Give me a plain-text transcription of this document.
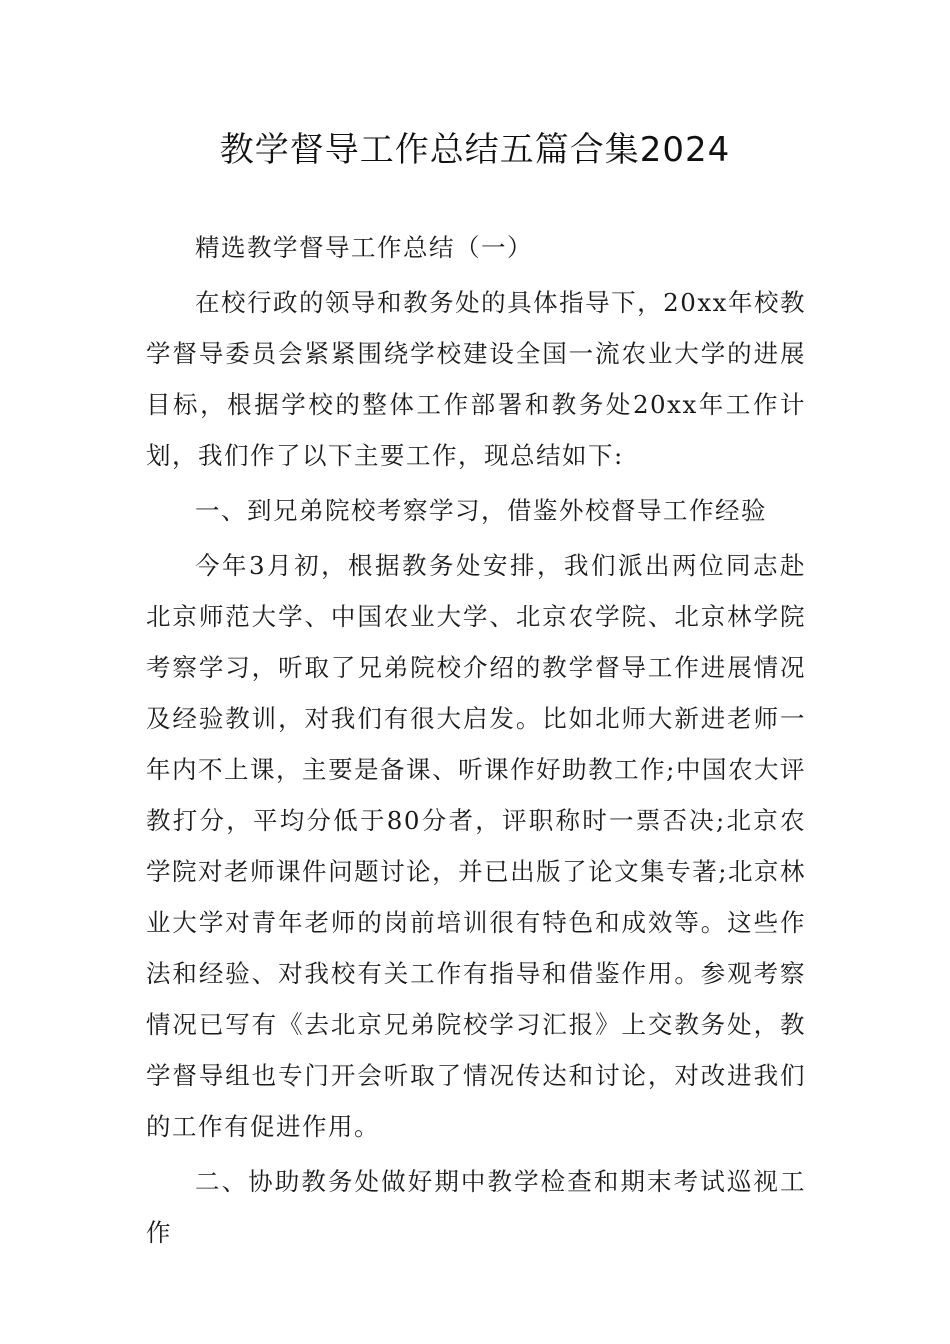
教学督导工作总结五篇合集2024

精选教学督导工作总结（一）

在校行政的领导和教务处的具体指导下，20xx年校教学督导委员会紧紧围绕学校建设全国一流农业大学的进展目标，根据学校的整体工作部署和教务处20xx年工作计划，我们作了以下主要工作，现总结如下:

一、到兄弟院校考察学习，借鉴外校督导工作经验

今年3月初，根据教务处安排，我们派出两位同志赴北京师范大学、中国农业大学、北京农学院、北京林学院考察学习，听取了兄弟院校介绍的教学督导工作进展情况及经验教训，对我们有很大启发。比如北师大新进老师一年内不上课，主要是备课、听课作好助教工作;中国农大评教打分，平均分低于80分者，评职称时一票否决;北京农学院对老师课件问题讨论，并已出版了论文集专著;北京林业大学对青年老师的岗前培训很有特色和成效等。这些作法和经验、对我校有关工作有指导和借鉴作用。参观考察情况已写有《去北京兄弟院校学习汇报》上交教务处，教学督导组也专门开会听取了情况传达和讨论，对改进我们的工作有促进作用。

二、协助教务处做好期中教学检查和期末考试巡视工作
